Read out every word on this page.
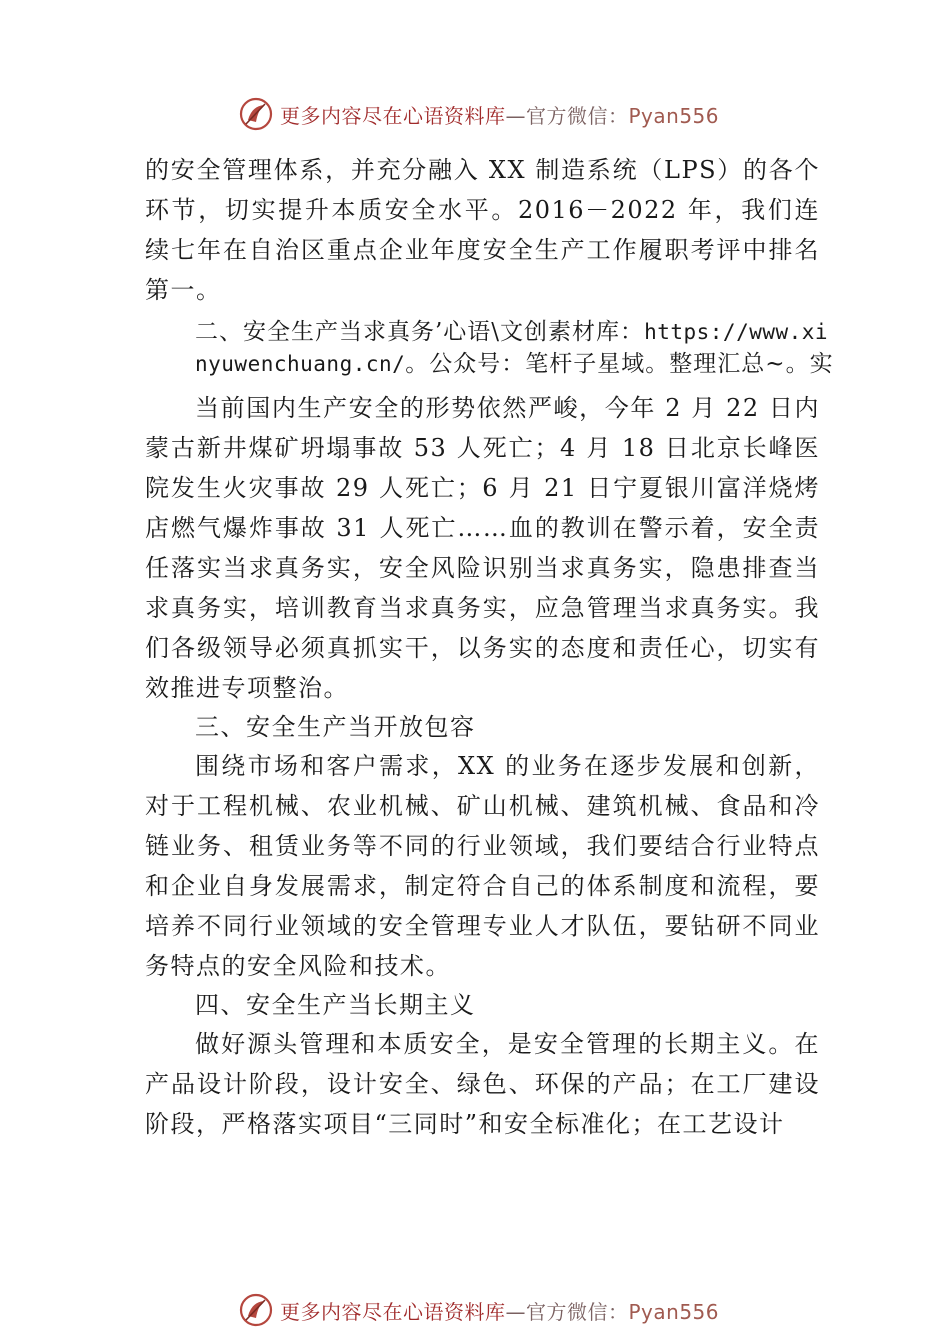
更多内容尽在心语资料库—官方微信：Pyan556

的安全管理体系，并充分融入 XX 制造系统（LPS）的各个环节，切实提升本质安全水平。2016－2022 年，我们连续七年在自治区重点企业年度安全生产工作履职考评中排名第一。

二、安全生产当求真务’心语\文创素材库：https://www.xinyuwenchuang.cn/。公众号：笔杆子星域。整理汇总~。实

当前国内生产安全的形势依然严峻，今年 2 月 22 日内蒙古新井煤矿坍塌事故 53 人死亡；4 月 18 日北京长峰医院发生火灾事故 29 人死亡；6 月 21 日宁夏银川富洋烧烤店燃气爆炸事故 31 人死亡……血的教训在警示着，安全责任落实当求真务实，安全风险识别当求真务实，隐患排查当求真务实，培训教育当求真务实，应急管理当求真务实。我们各级领导必须真抓实干，以务实的态度和责任心，切实有效推进专项整治。

三、安全生产当开放包容

围绕市场和客户需求，XX 的业务在逐步发展和创新，对于工程机械、农业机械、矿山机械、建筑机械、食品和冷链业务、租赁业务等不同的行业领域，我们要结合行业特点和企业自身发展需求，制定符合自己的体系制度和流程，要培养不同行业领域的安全管理专业人才队伍，要钻研不同业务特点的安全风险和技术。

四、安全生产当长期主义

做好源头管理和本质安全，是安全管理的长期主义。在产品设计阶段，设计安全、绿色、环保的产品；在工厂建设阶段，严格落实项目“三同时”和安全标准化；在工艺设计

更多内容尽在心语资料库—官方微信：Pyan556
